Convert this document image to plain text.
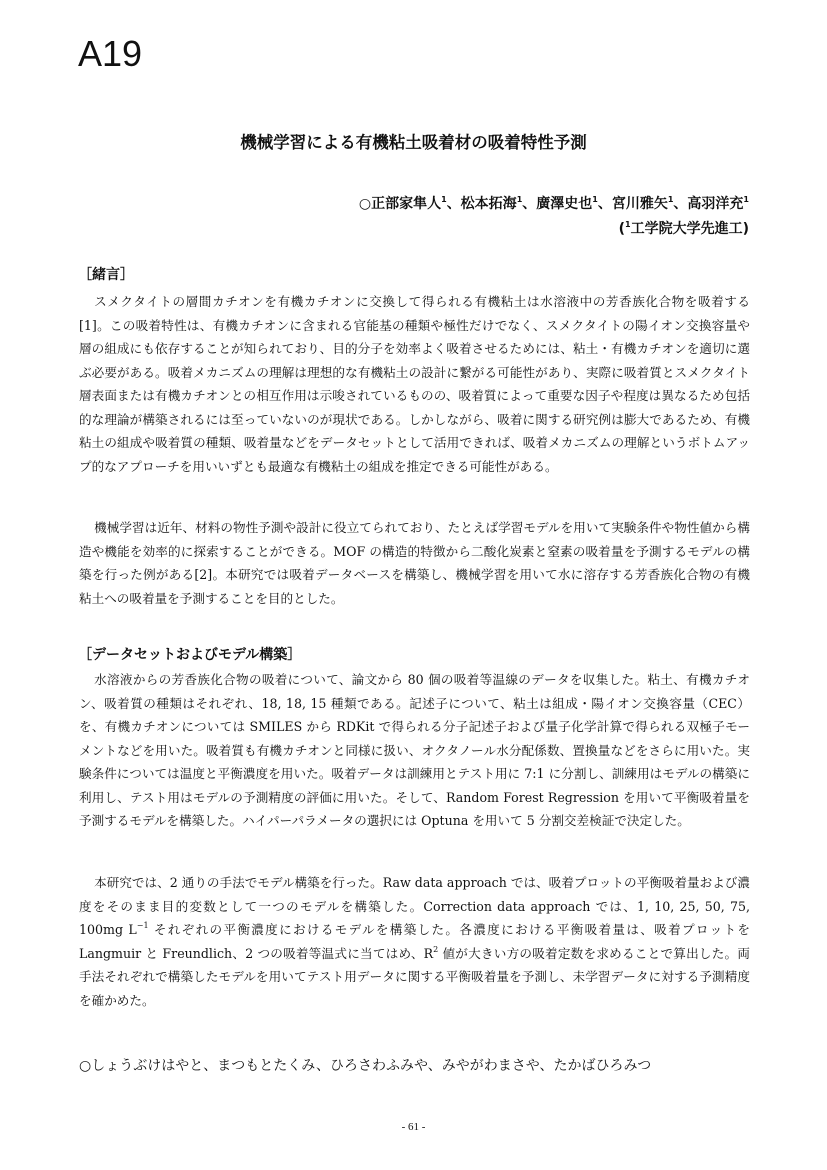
A19
機械学習による有機粘土吸着材の吸着特性予測
○正部家隼人$^1$、松本拓海$^1$、廣澤史也$^1$、宮川雅矢$^1$、高羽洋充$^1$
($^1$工学院大学先進工)
［緒言］

スメクタイトの層間カチオンを有機カチオンに交換して得られる有機粘土は水溶液中の芳香族化合物を吸着する[1]。この吸着特性は、有機カチオンに含まれる官能基の種類や極性だけでなく、スメクタイトの陽イオン交換容量や層の組成にも依存することが知られており、目的分子を効率よく吸着させるためには、粘土・有機カチオンを適切に選ぶ必要がある。吸着メカニズムの理解は理想的な有機粘土の設計に繋がる可能性があり、実際に吸着質とスメクタイト層表面または有機カチオンとの相互作用は示唆されているものの、吸着質によって重要な因子や程度は異なるため包括的な理論が構築されるには至っていないのが現状である。しかしながら、吸着に関する研究例は膨大であるため、有機粘土の組成や吸着質の種類、吸着量などをデータセットとして活用できれば、吸着メカニズムの理解というボトムアップ的なアプローチを用いいずとも最適な有機粘土の組成を推定できる可能性がある。

機械学習は近年、材料の物性予測や設計に役立てられており、たとえば学習モデルを用いて実験条件や物性値から構造や機能を効率的に探索することができる。MOF の構造的特徴から二酸化炭素と窒素の吸着量を予測するモデルの構築を行った例がある[2]。本研究では吸着データベースを構築し、機械学習を用いて水に溶存する芳香族化合物の有機粘土への吸着量を予測することを目的とした。

［データセットおよびモデル構築］

水溶液からの芳香族化合物の吸着について、論文から 80 個の吸着等温線のデータを収集した。粘土、有機カチオン、吸着質の種類はそれぞれ、18, 18, 15 種類である。記述子について、粘土は組成・陽イオン交換容量（CEC）を、有機カチオンについては SMILES から RDKit で得られる分子記述子および量子化学計算で得られる双極子モーメントなどを用いた。吸着質も有機カチオンと同様に扱い、オクタノール水分配係数、置換量などをさらに用いた。実験条件については温度と平衡濃度を用いた。吸着データは訓練用とテスト用に 7:1 に分割し、訓練用はモデルの構築に利用し、テスト用はモデルの予測精度の評価に用いた。そして、Random Forest Regression を用いて平衡吸着量を予測するモデルを構築した。ハイパーパラメータの選択には Optuna を用いて 5 分割交差検証で決定した。

本研究では、2 通りの手法でモデル構築を行った。Raw data approach では、吸着プロットの平衡吸着量および濃度をそのまま目的変数として一つのモデルを構築した。Correction data approach では、1, 10, 25, 50, 75, 100mg $L^{-1}$ それぞれの平衡濃度におけるモデルを構築した。各濃度における平衡吸着量は、吸着プロットを Langmuir と Freundlich、2 つの吸着等温式に当てはめ、$R^2$ 値が大きい方の吸着定数を求めることで算出した。両手法それぞれで構築したモデルを用いてテスト用データに関する平衡吸着量を予測し、未学習データに対する予測精度を確かめた。

○しょうぶけはやと、まつもとたくみ、ひろさわふみや、みやがわまさや、たかばひろみつ
- 61 -
